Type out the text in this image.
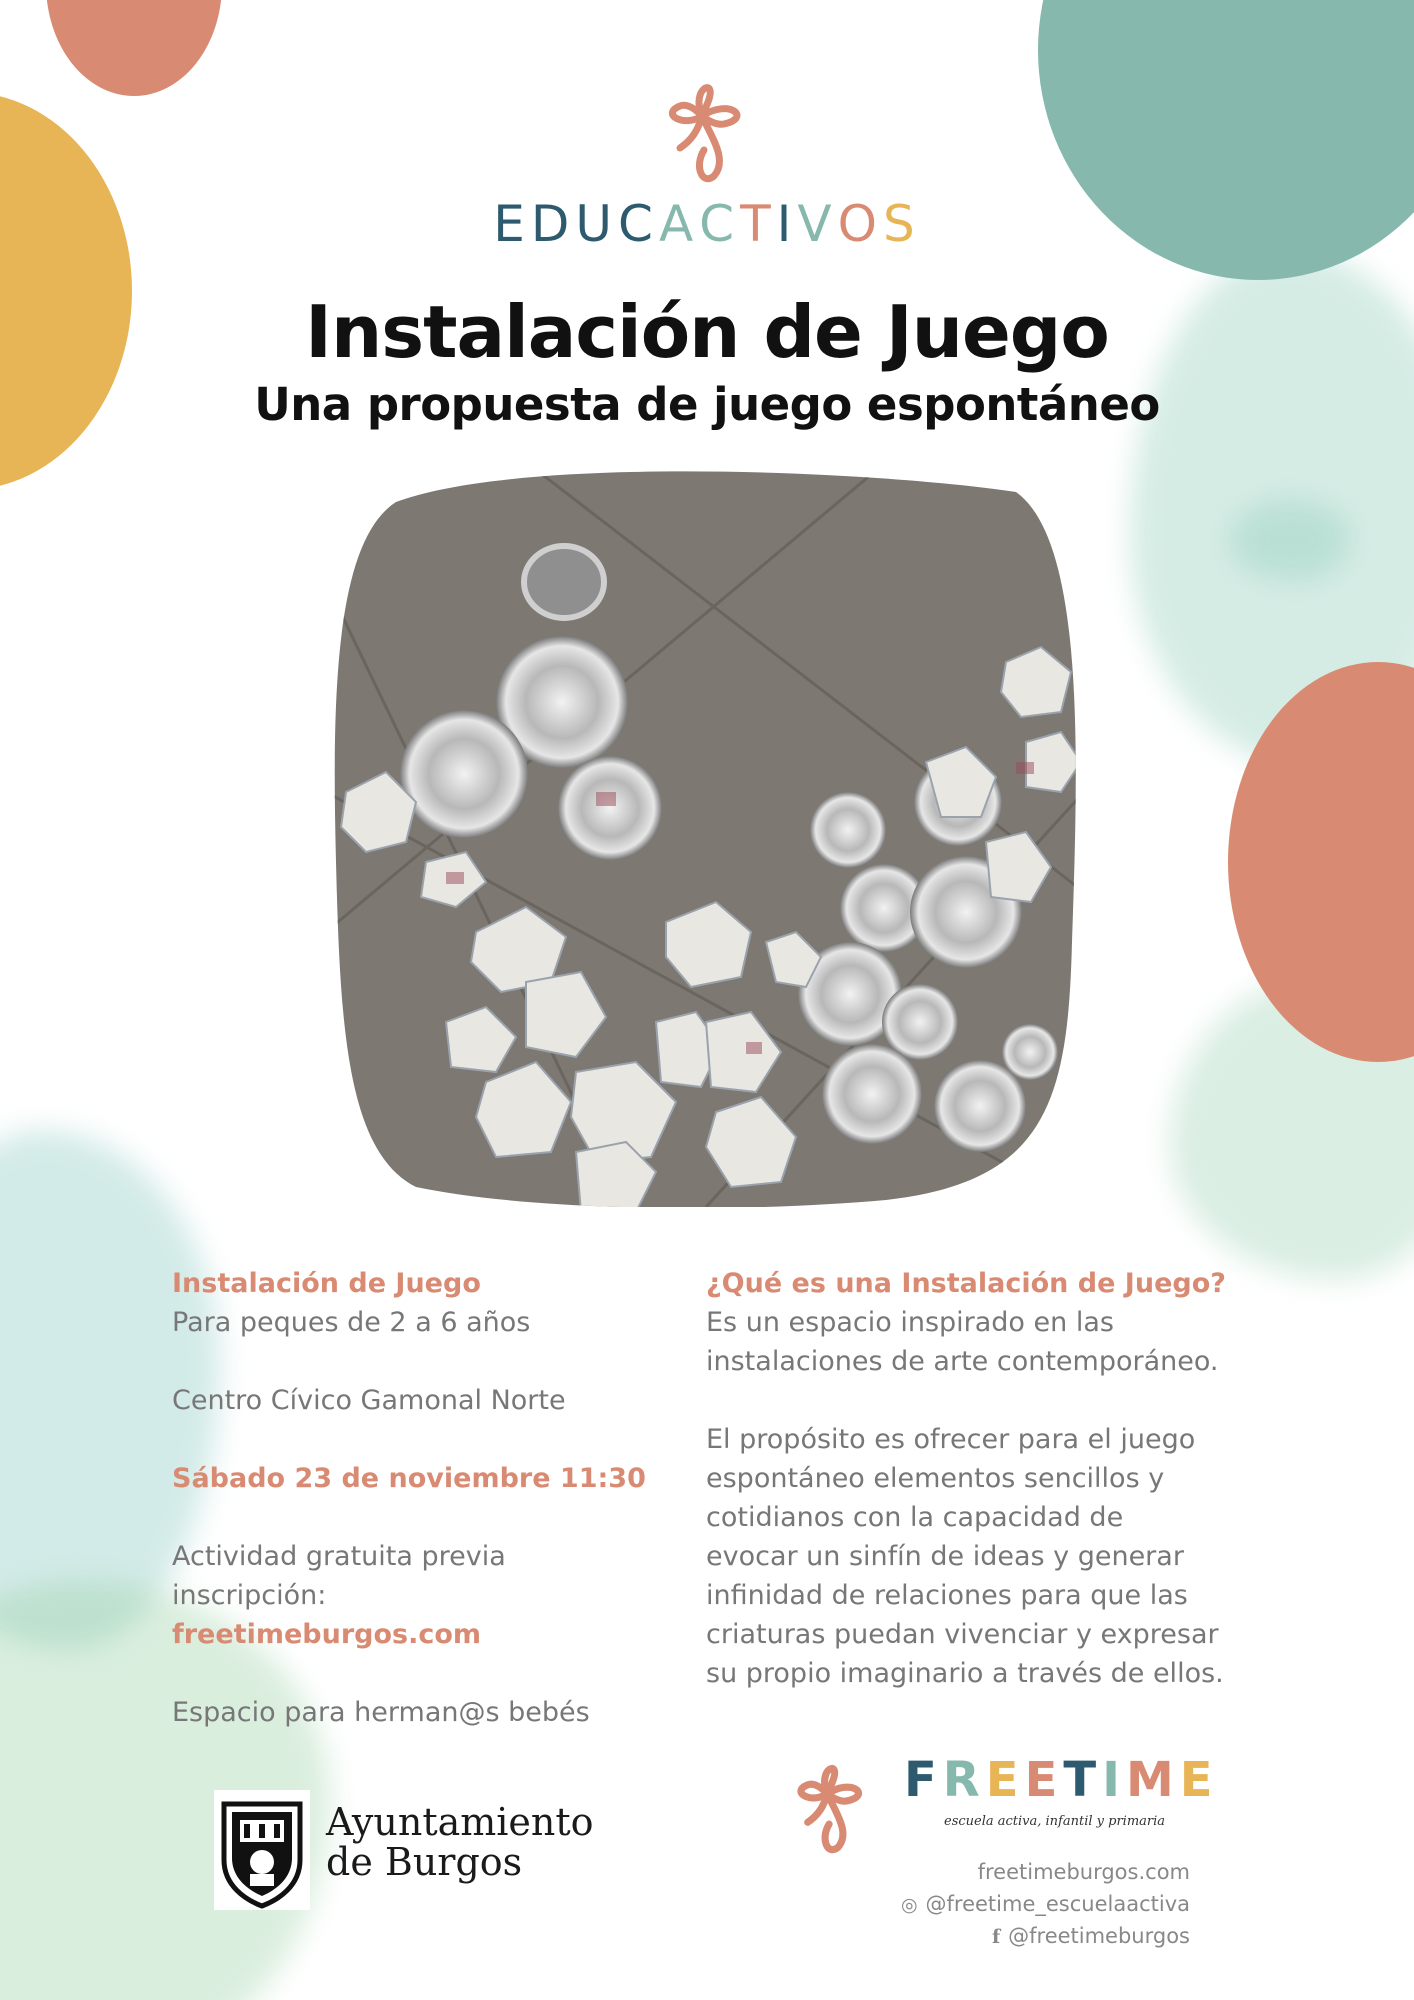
EDUCACTIVOS
Instalación de Juego
Una propuesta de juego espontáneo

Instalación de Juego

Para peques de 2 a 6 años

Centro Cívico Gamonal Norte

Sábado 23 de noviembre 11:30

Actividad gratuita previa

inscripción:

freetimeburgos.com

Espacio para herman@s bebés

¿Qué es una Instalación de Juego?

Es un espacio inspirado en las

instalaciones de arte contemporáneo.

El propósito es ofrecer para el juego

espontáneo elementos sencillos y

cotidianos con la capacidad de

evocar un sinfín de ideas y generar

infinidad de relaciones para que las

criaturas puedan vivenciar y expresar

su propio imaginario a través de ellos.

Ayuntamiento
de Burgos
FREETIME
escuela activa, infantil y primaria
freetimeburgos.com
◎ @freetime_escuelaactiva
f @freetimeburgos
